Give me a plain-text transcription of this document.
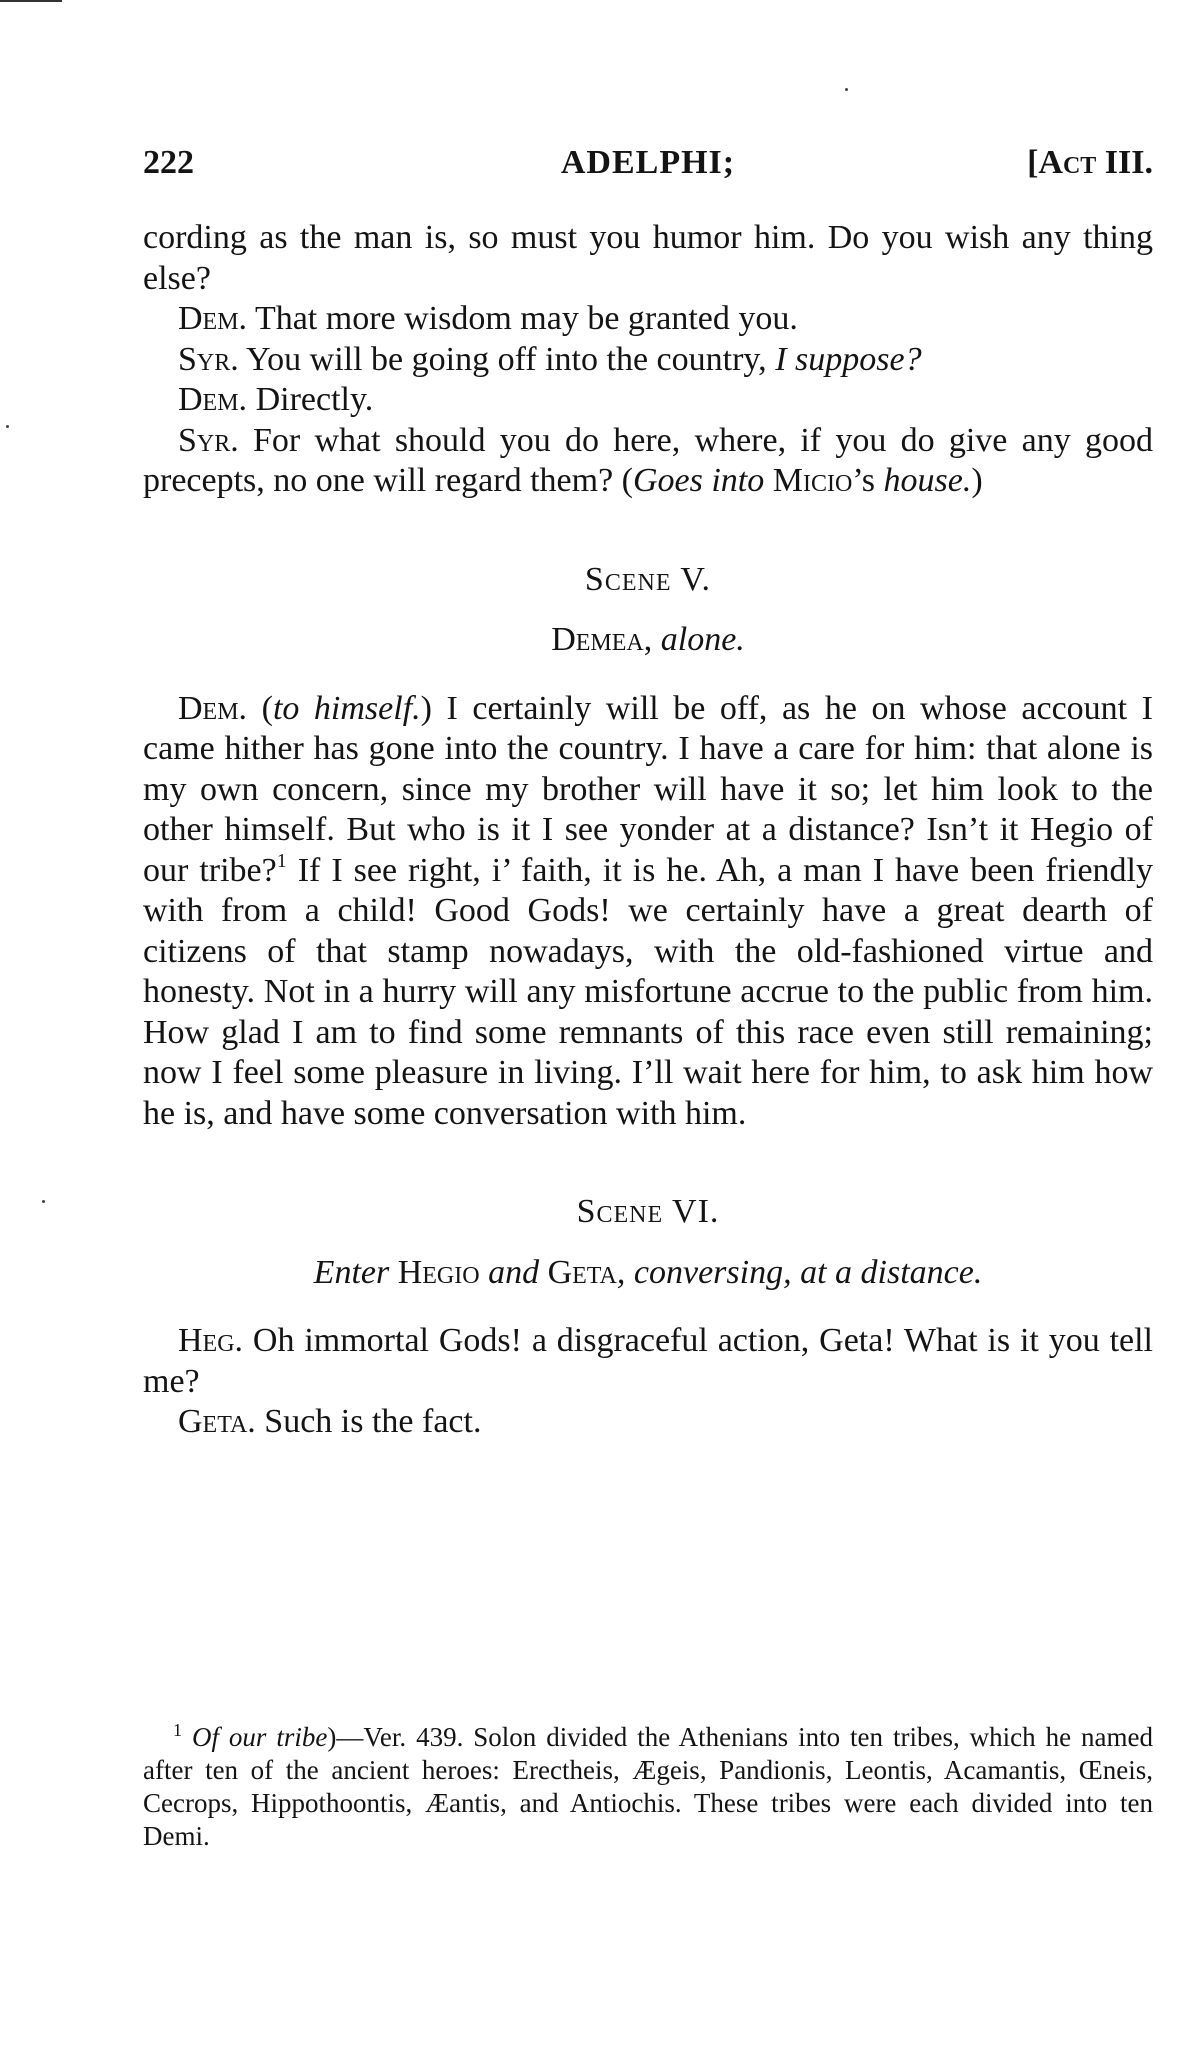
222	ADELPHI;	[Act III.

cording as the man is, so must you humor him. Do you wish any thing else?

Dem. That more wisdom may be granted you.

Syr. You will be going off into the country, I suppose?

Dem. Directly.

Syr. For what should you do here, where, if you do give any good precepts, no one will regard them? (Goes into Micio’s house.)

Scene V.
Demea, alone.

Dem. (to himself.) I certainly will be off, as he on whose account I came hither has gone into the country. I have a care for him: that alone is my own concern, since my brother will have it so; let him look to the other himself. But who is it I see yonder at a distance? Isn’t it Hegio of our tribe?$^1$ If I see right, i’ faith, it is he. Ah, a man I have been friendly with from a child! Good Gods! we certainly have a great dearth of citizens of that stamp nowadays, with the old-fashioned virtue and honesty. Not in a hurry will any misfortune accrue to the public from him. How glad I am to find some remnants of this race even still remaining; now I feel some pleasure in living. I’ll wait here for him, to ask him how he is, and have some conversation with him.

Scene VI.
Enter Hegio and Geta, conversing, at a distance.

Heg. Oh immortal Gods! a disgraceful action, Geta! What is it you tell me?

Geta. Such is the fact.

$^1$ Of our tribe)—Ver. 439. Solon divided the Athenians into ten tribes, which he named after ten of the ancient heroes: Erectheis, Ægeis, Pandionis, Leontis, Acamantis, Œneis, Cecrops, Hippothoontis, Æantis, and Antiochis. These tribes were each divided into ten Demi.
